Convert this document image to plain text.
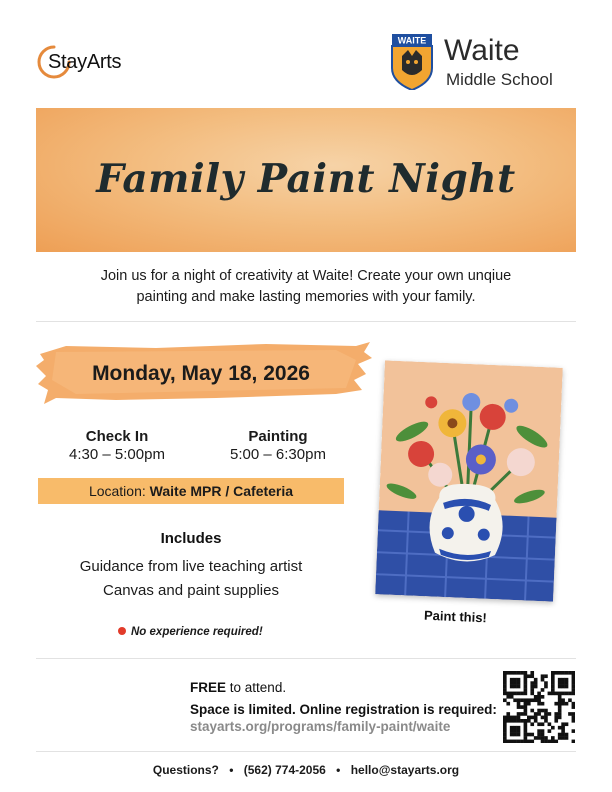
StayArts
WAITE Waite
Middle School
Family Paint Night
Join us for a night of creativity at Waite! Create your own unqiue
painting and make lasting memories with your family.
Monday, May 18, 2026
Check In
4:30 – 5:00pm
Painting
5:00 – 6:30pm
Location: Waite MPR / Cafeteria
Includes
Guidance from live teaching artist
Canvas and paint supplies
No experience required!
Paint this!
FREE to attend.
Space is limited. Online registration is required:
stayarts.org/programs/family-paint/waite
Questions? • (562) 774-2056 • hello@stayarts.org
